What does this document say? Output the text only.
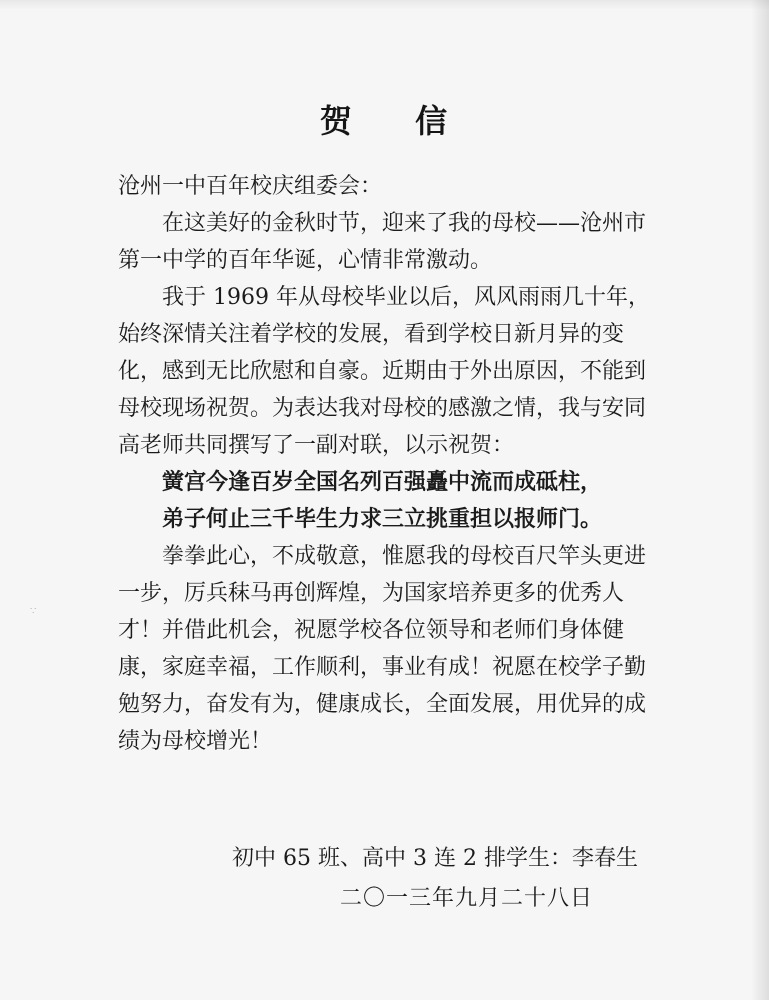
贺 信

沧州一中百年校庆组委会：

在这美好的金秋时节，迎来了我的母校——沧州市第一中学的百年华诞，心情非常激动。

我于 1969 年从母校毕业以后，风风雨雨几十年，始终深情关注着学校的发展，看到学校日新月异的变化，感到无比欣慰和自豪。近期由于外出原因，不能到母校现场祝贺。为表达我对母校的感激之情，我与安同高老师共同撰写了一副对联，以示祝贺：

黉宫今逢百岁全国名列百强矗中流而成砥柱，

弟子何止三千毕生力求三立挑重担以报师门。

拳拳此心，不成敬意，惟愿我的母校百尺竿头更进一步，厉兵秣马再创辉煌，为国家培养更多的优秀人才！并借此机会，祝愿学校各位领导和老师们身体健康，家庭幸福，工作顺利，事业有成！祝愿在校学子勤勉努力，奋发有为，健康成长，全面发展，用优异的成绩为母校增光！

初中 65 班、高中 3 连 2 排学生：李春生
二〇一三年九月二十八日
∵
